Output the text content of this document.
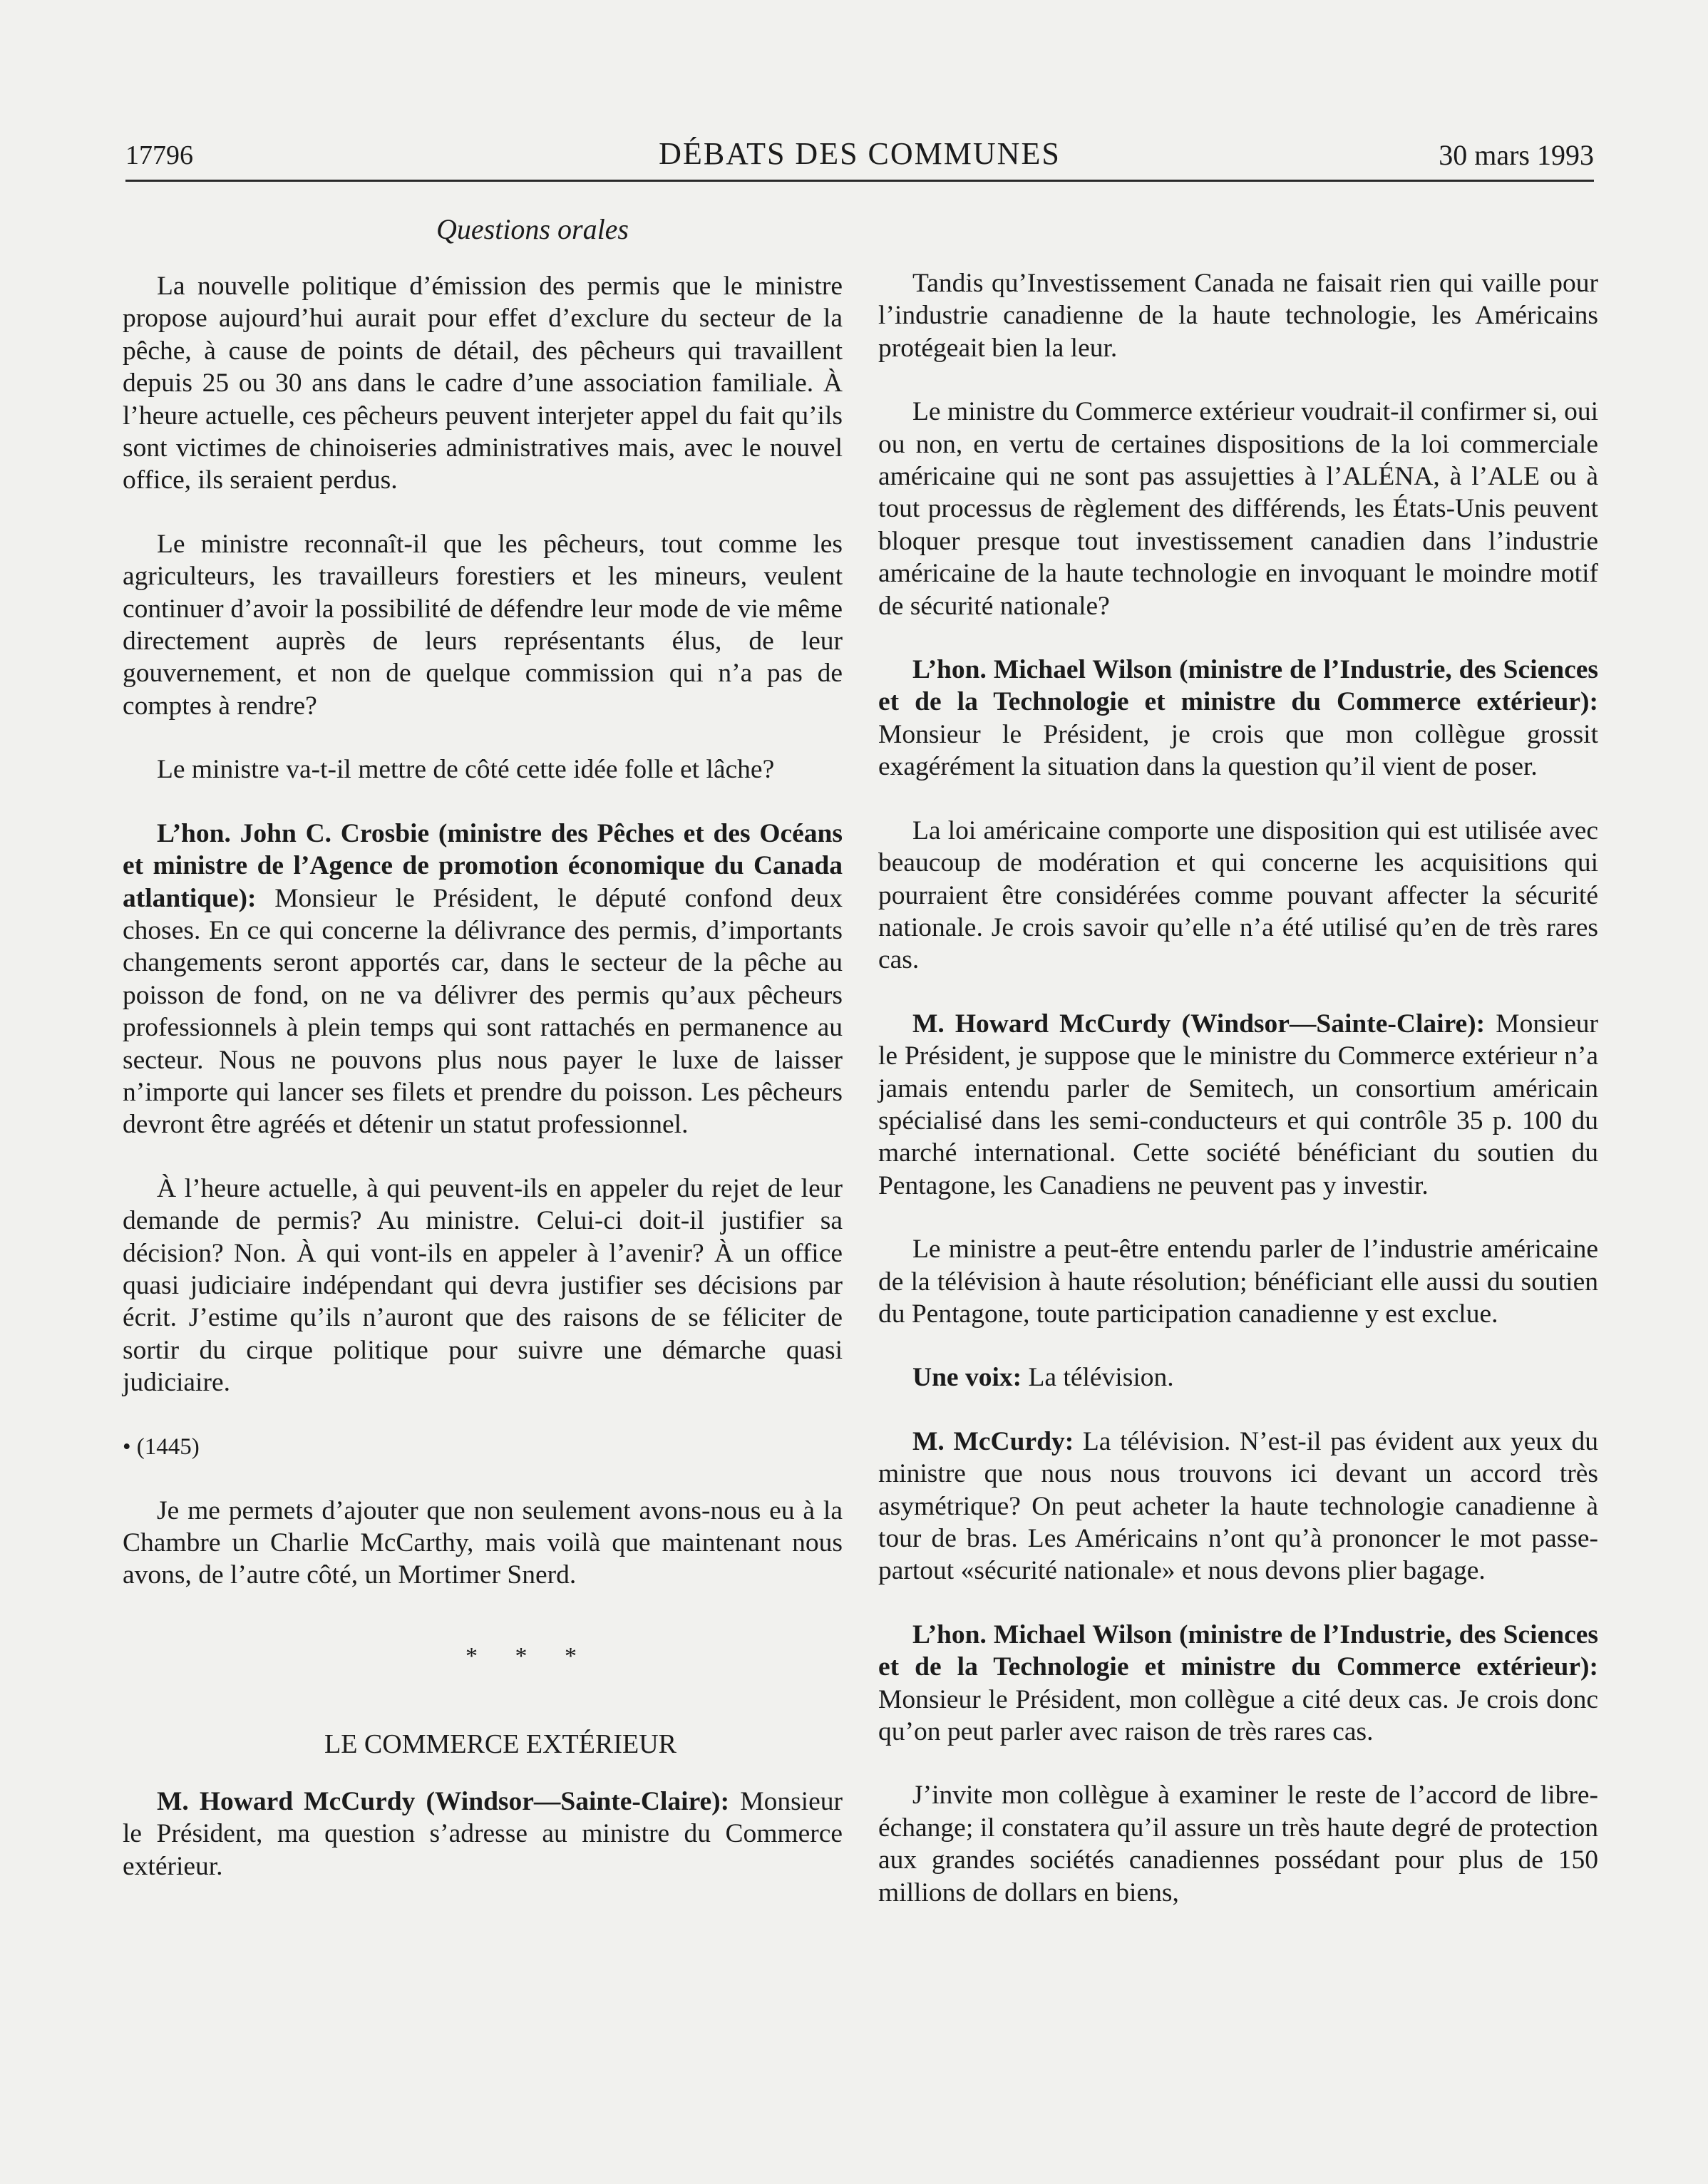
17796	DÉBATS DES COMMUNES	30 mars 1993
Questions orales

La nouvelle politique d’émission des permis que le ministre propose aujourd’hui aurait pour effet d’exclure du secteur de la pêche, à cause de points de détail, des pêcheurs qui travaillent depuis 25 ou 30 ans dans le cadre d’une association familiale. À l’heure actuelle, ces pêcheurs peuvent interjeter appel du fait qu’ils sont victimes de chinoiseries administratives mais, avec le nouvel office, ils seraient perdus.

Le ministre reconnaît-il que les pêcheurs, tout comme les agriculteurs, les travailleurs forestiers et les mineurs, veulent continuer d’avoir la possibilité de défendre leur mode de vie même directement auprès de leurs représentants élus, de leur gouvernement, et non de quelque commission qui n’a pas de comptes à rendre?

Le ministre va-t-il mettre de côté cette idée folle et lâche?

L’hon. John C. Crosbie (ministre des Pêches et des Océans et ministre de l’Agence de promotion économique du Canada atlantique): Monsieur le Président, le député confond deux choses. En ce qui concerne la délivrance des permis, d’importants changements seront apportés car, dans le secteur de la pêche au poisson de fond, on ne va délivrer des permis qu’aux pêcheurs professionnels à plein temps qui sont rattachés en permanence au secteur. Nous ne pouvons plus nous payer le luxe de laisser n’importe qui lancer ses filets et prendre du poisson. Les pêcheurs devront être agréés et détenir un statut professionnel.

À l’heure actuelle, à qui peuvent-ils en appeler du rejet de leur demande de permis? Au ministre. Celui-ci doit-il justifier sa décision? Non. À qui vont-ils en appeler à l’avenir? À un office quasi judiciaire indépendant qui devra justifier ses décisions par écrit. J’estime qu’ils n’auront que des raisons de se féliciter de sortir du cirque politique pour suivre une démarche quasi judiciaire.

• (1445)

Je me permets d’ajouter que non seulement avons-nous eu à la Chambre un Charlie McCarthy, mais voilà que maintenant nous avons, de l’autre côté, un Mortimer Snerd.

* * *
LE COMMERCE EXTÉRIEUR

M. Howard McCurdy (Windsor—Sainte-Claire): Monsieur le Président, ma question s’adresse au ministre du Commerce extérieur.

Tandis qu’Investissement Canada ne faisait rien qui vaille pour l’industrie canadienne de la haute technologie, les Américains protégeait bien la leur.

Le ministre du Commerce extérieur voudrait-il confirmer si, oui ou non, en vertu de certaines dispositions de la loi commerciale américaine qui ne sont pas assujetties à l’ALÉNA, à l’ALE ou à tout processus de règlement des différends, les États-Unis peuvent bloquer presque tout investissement canadien dans l’industrie américaine de la haute technologie en invoquant le moindre motif de sécurité nationale?

L’hon. Michael Wilson (ministre de l’Industrie, des Sciences et de la Technologie et ministre du Commerce extérieur): Monsieur le Président, je crois que mon collègue grossit exagérément la situation dans la question qu’il vient de poser.

La loi américaine comporte une disposition qui est utilisée avec beaucoup de modération et qui concerne les acquisitions qui pourraient être considérées comme pouvant affecter la sécurité nationale. Je crois savoir qu’elle n’a été utilisé qu’en de très rares cas.

M. Howard McCurdy (Windsor—Sainte-Claire): Monsieur le Président, je suppose que le ministre du Commerce extérieur n’a jamais entendu parler de Semitech, un consortium américain spécialisé dans les semi-conducteurs et qui contrôle 35 p. 100 du marché international. Cette société bénéficiant du soutien du Pentagone, les Canadiens ne peuvent pas y investir.

Le ministre a peut-être entendu parler de l’industrie américaine de la télévision à haute résolution; bénéficiant elle aussi du soutien du Pentagone, toute participation canadienne y est exclue.

Une voix: La télévision.

M. McCurdy: La télévision. N’est-il pas évident aux yeux du ministre que nous nous trouvons ici devant un accord très asymétrique? On peut acheter la haute technologie canadienne à tour de bras. Les Américains n’ont qu’à prononcer le mot passe-partout «sécurité nationale» et nous devons plier bagage.

L’hon. Michael Wilson (ministre de l’Industrie, des Sciences et de la Technologie et ministre du Commerce extérieur): Monsieur le Président, mon collègue a cité deux cas. Je crois donc qu’on peut parler avec raison de très rares cas.

J’invite mon collègue à examiner le reste de l’accord de libre-échange; il constatera qu’il assure un très haute degré de protection aux grandes sociétés canadiennes possédant pour plus de 150 millions de dollars en biens,
